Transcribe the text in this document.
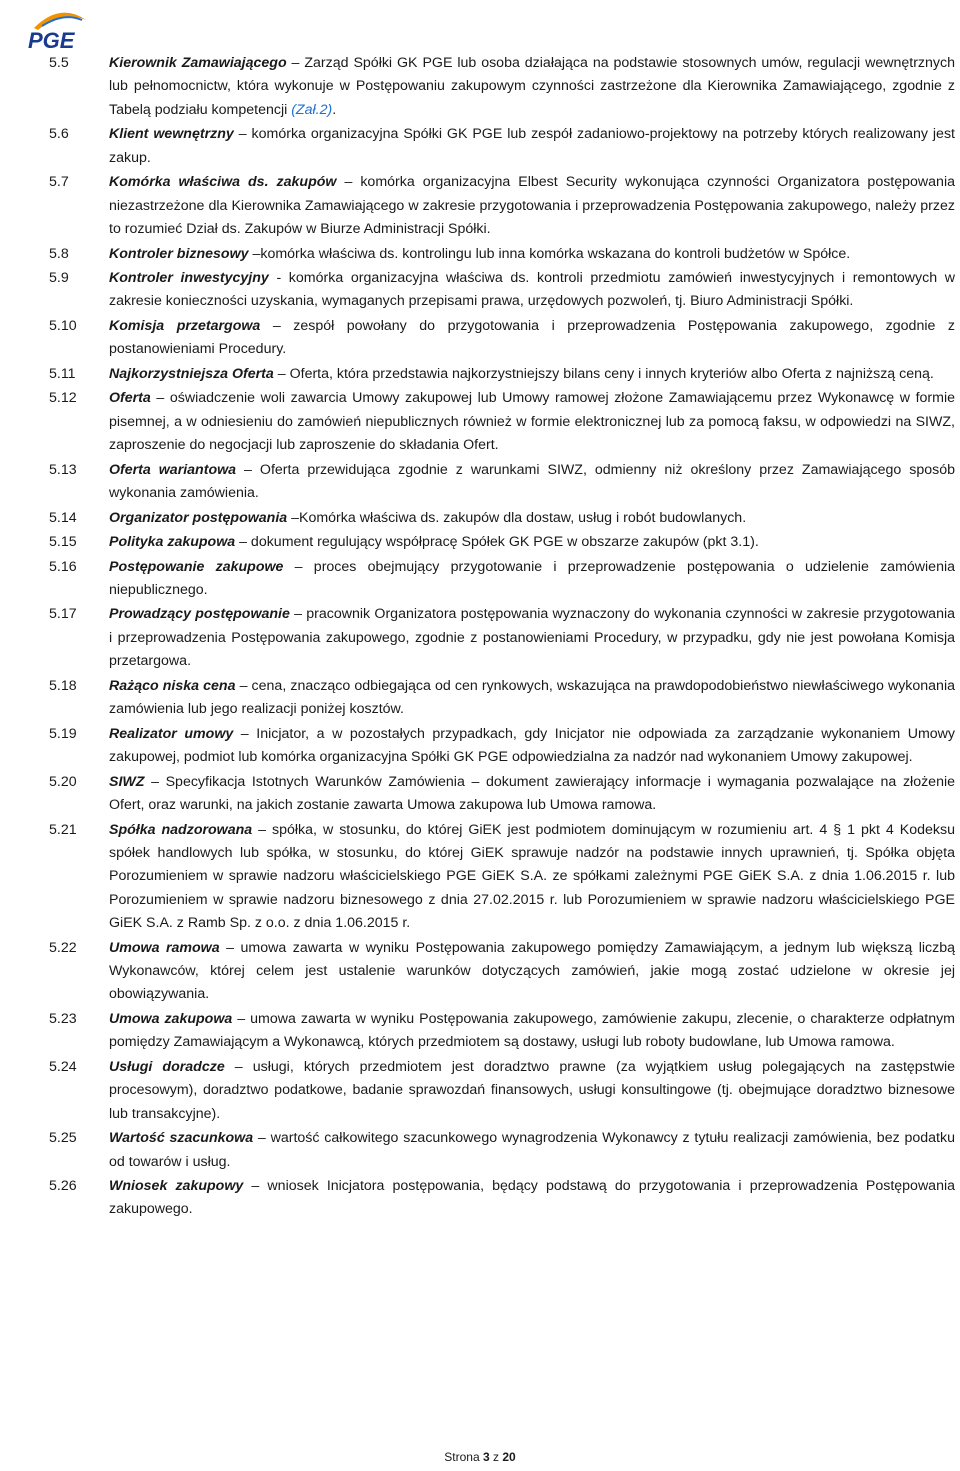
PGE
5.5	Kierownik Zamawiającego – Zarząd Spółki GK PGE lub osoba działająca na podstawie stosownych umów, regulacji wewnętrznych lub pełnomocnictw, która wykonuje w Postępowaniu zakupowym czynności zastrzeżone dla Kierownika Zamawiającego, zgodnie z Tabelą podziału kompetencji (Zał.2).
5.6	Klient wewnętrzny – komórka organizacyjna Spółki GK PGE lub zespół zadaniowo-projektowy na potrzeby których realizowany jest zakup.
5.7	Komórka właściwa ds. zakupów – komórka organizacyjna Elbest Security wykonująca czynności Organizatora postępowania niezastrzeżone dla Kierownika Zamawiającego w zakresie przygotowania i przeprowadzenia Postępowania zakupowego, należy przez to rozumieć Dział ds. Zakupów w Biurze Administracji Spółki.
5.8	Kontroler biznesowy –komórka właściwa ds. kontrolingu lub inna komórka wskazana do kontroli budżetów w Spółce.
5.9	Kontroler inwestycyjny - komórka organizacyjna właściwa ds. kontroli przedmiotu zamówień inwestycyjnych i remontowych w zakresie konieczności uzyskania, wymaganych przepisami prawa, urzędowych pozwoleń, tj. Biuro Administracji Spółki.
5.10	Komisja przetargowa – zespół powołany do przygotowania i przeprowadzenia Postępowania zakupowego, zgodnie z postanowieniami Procedury.
5.11	Najkorzystniejsza Oferta – Oferta, która przedstawia najkorzystniejszy bilans ceny i innych kryteriów albo Oferta z najniższą ceną.
5.12	Oferta – oświadczenie woli zawarcia Umowy zakupowej lub Umowy ramowej złożone Zamawiającemu przez Wykonawcę w formie pisemnej, a w odniesieniu do zamówień niepublicznych również w formie elektronicznej lub za pomocą faksu, w odpowiedzi na SIWZ, zaproszenie do negocjacji lub zaproszenie do składania Ofert.
5.13	Oferta wariantowa – Oferta przewidująca zgodnie z warunkami SIWZ, odmienny niż określony przez Zamawiającego sposób wykonania zamówienia.
5.14	Organizator postępowania –Komórka właściwa ds. zakupów dla dostaw, usług i robót budowlanych.
5.15	Polityka zakupowa – dokument regulujący współpracę Spółek GK PGE w obszarze zakupów (pkt 3.1).
5.16	Postępowanie zakupowe – proces obejmujący przygotowanie i przeprowadzenie postępowania o udzielenie zamówienia niepublicznego.
5.17	Prowadzący postępowanie – pracownik Organizatora postępowania wyznaczony do wykonania czynności w zakresie przygotowania i przeprowadzenia Postępowania zakupowego, zgodnie z postanowieniami Procedury, w przypadku, gdy nie jest powołana Komisja przetargowa.
5.18	Rażąco niska cena – cena, znacząco odbiegająca od cen rynkowych, wskazująca na prawdopodobieństwo niewłaściwego wykonania zamówienia lub jego realizacji poniżej kosztów.
5.19	Realizator umowy – Inicjator, a w pozostałych przypadkach, gdy Inicjator nie odpowiada za zarządzanie wykonaniem Umowy zakupowej, podmiot lub komórka organizacyjna Spółki GK PGE odpowiedzialna za nadzór nad wykonaniem Umowy zakupowej.
5.20	SIWZ – Specyfikacja Istotnych Warunków Zamówienia – dokument zawierający informacje i wymagania pozwalające na złożenie Ofert, oraz warunki, na jakich zostanie zawarta Umowa zakupowa lub Umowa ramowa.
5.21	Spółka nadzorowana – spółka, w stosunku, do której GiEK jest podmiotem dominującym w rozumieniu art. 4 § 1 pkt 4 Kodeksu spółek handlowych lub spółka, w stosunku, do której GiEK sprawuje nadzór na podstawie innych uprawnień, tj. Spółka objęta Porozumieniem w sprawie nadzoru właścicielskiego PGE GiEK S.A. ze spółkami zależnymi PGE GiEK S.A. z dnia 1.06.2015 r. lub Porozumieniem w sprawie nadzoru biznesowego z dnia 27.02.2015 r. lub Porozumieniem w sprawie nadzoru właścicielskiego PGE GiEK S.A. z Ramb Sp. z o.o. z dnia 1.06.2015 r.
5.22	Umowa ramowa – umowa zawarta w wyniku Postępowania zakupowego pomiędzy Zamawiającym, a jednym lub większą liczbą Wykonawców, której celem jest ustalenie warunków dotyczących zamówień, jakie mogą zostać udzielone w okresie jej obowiązywania.
5.23	Umowa zakupowa – umowa zawarta w wyniku Postępowania zakupowego, zamówienie zakupu, zlecenie, o charakterze odpłatnym pomiędzy Zamawiającym a Wykonawcą, których przedmiotem są dostawy, usługi lub roboty budowlane, lub Umowa ramowa.
5.24	Usługi doradcze – usługi, których przedmiotem jest doradztwo prawne (za wyjątkiem usług polegających na zastępstwie procesowym), doradztwo podatkowe, badanie sprawozdań finansowych, usługi konsultingowe (tj. obejmujące doradztwo biznesowe lub transakcyjne).
5.25	Wartość szacunkowa – wartość całkowitego szacunkowego wynagrodzenia Wykonawcy z tytułu realizacji zamówienia, bez podatku od towarów i usług.
5.26	Wniosek zakupowy – wniosek Inicjatora postępowania, będący podstawą do przygotowania i przeprowadzenia Postępowania zakupowego.
Strona 3 z 20
